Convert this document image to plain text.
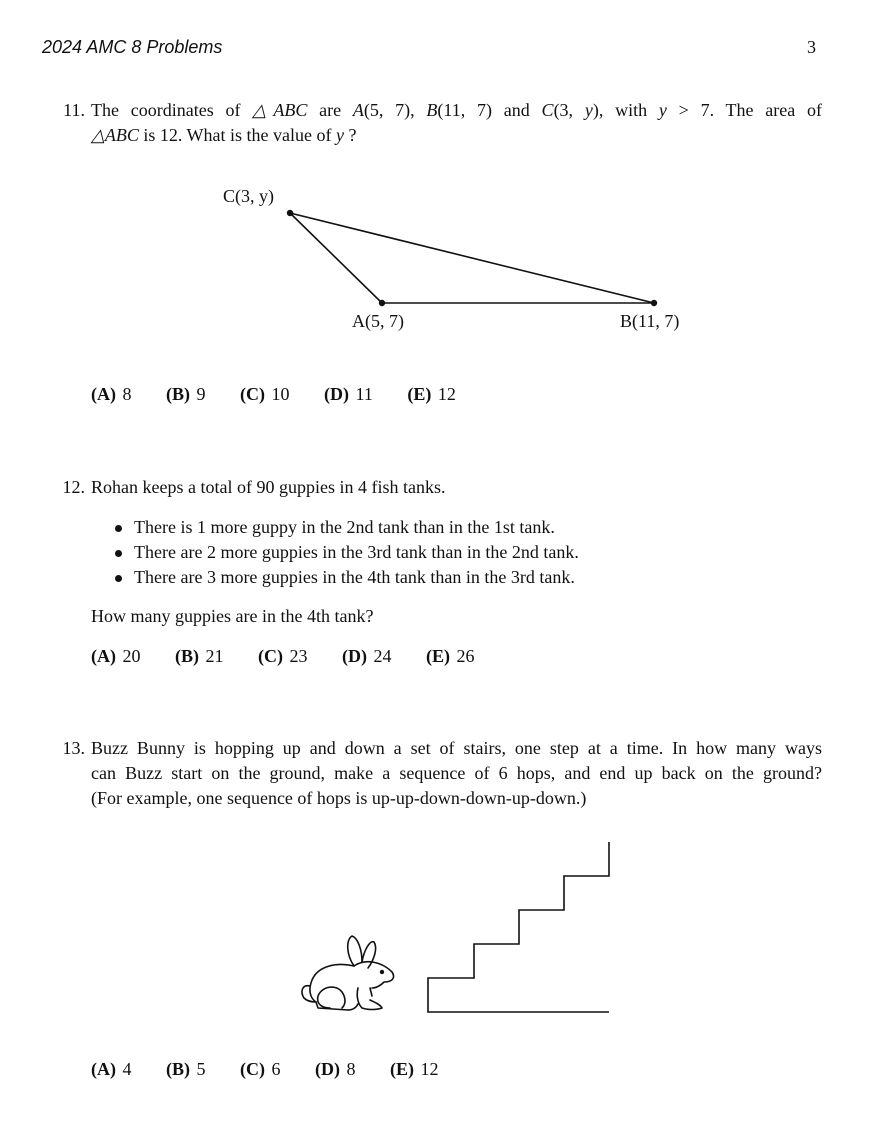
2024 AMC 8 Problems	3
11. The coordinates of △ABC are A(5, 7), B(11, 7) and C(3, y), with y > 7. The area of
△ABC is 12. What is the value of y ?
C(3, y)
A(5, 7)	B(11, 7)
(A) 8 (B) 9 (C) 10 (D) 11 (E) 12
12. Rohan keeps a total of 90 guppies in 4 fish tanks.
There is 1 more guppy in the 2nd tank than in the 1st tank.
There are 2 more guppies in the 3rd tank than in the 2nd tank.
There are 3 more guppies in the 4th tank than in the 3rd tank.
How many guppies are in the 4th tank?
(A) 20 (B) 21 (C) 23 (D) 24 (E) 26
13. Buzz Bunny is hopping up and down a set of stairs, one step at a time. In how many ways
can Buzz start on the ground, make a sequence of 6 hops, and end up back on the ground?
(For example, one sequence of hops is up-up-down-down-up-down.)
(A) 4 (B) 5 (C) 6 (D) 8 (E) 12
